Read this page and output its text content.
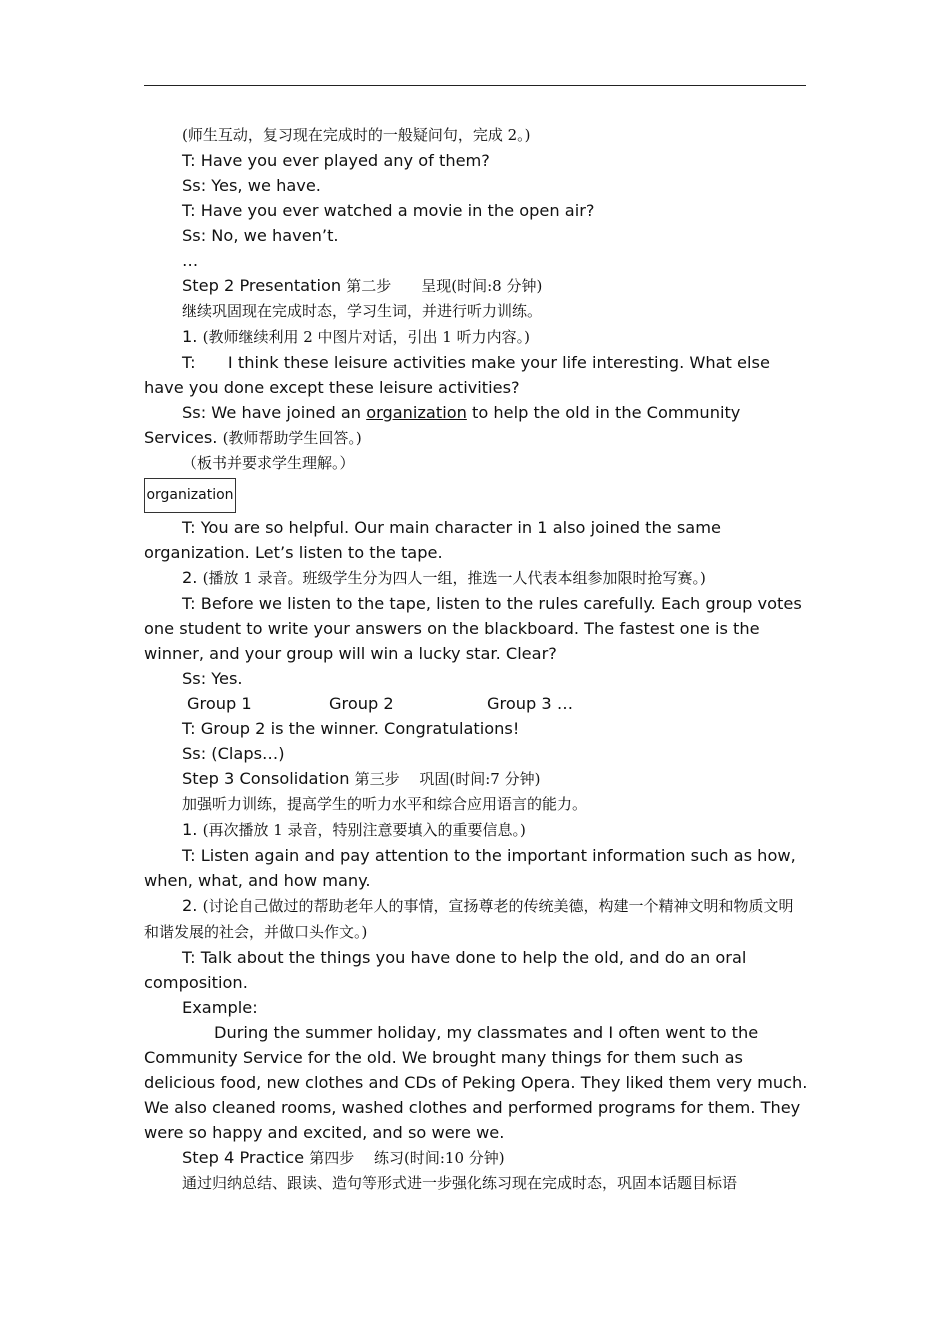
(师生互动，复习现在完成时的一般疑问句，完成 2。)

T: Have you ever played any of them?

Ss: Yes, we have.

T: Have you ever watched a movie in the open air?

Ss: No, we haven’t.

…

Step 2 Presentation 第二步　　呈现(时间:8 分钟)

继续巩固现在完成时态，学习生词，并进行听力训练。

1. (教师继续利用 2 中图片对话，引出 1 听力内容。)

T:　　I think these leisure activities make your life interesting. What else have you done except these leisure activities?

Ss: We have joined an organization to help the old in the Community Services. (教师帮助学生回答。)

（板书并要求学生理解。）

organization

T: You are so helpful. Our main character in 1 also joined the same organization. Let’s listen to the tape.

2. (播放 1 录音。班级学生分为四人一组，推选一人代表本组参加限时抢写赛。)

T: Before we listen to the tape, listen to the rules carefully. Each group votes one student to write your answers on the blackboard. The fastest one is the winner, and your group will win a lucky star. Clear?

Ss: Yes.

Group 1	Group 2	Group 3 …

T: Group 2 is the winner. Congratulations!

Ss: (Claps…)

Step 3 Consolidation 第三步　 巩固(时间:7 分钟)

加强听力训练，提高学生的听力水平和综合应用语言的能力。

1. (再次播放 1 录音，特别注意要填入的重要信息。)

T: Listen again and pay attention to the important information such as how, when, what, and how many.

2. (讨论自己做过的帮助老年人的事情，宣扬尊老的传统美德，构建一个精神文明和物质文明和谐发展的社会，并做口头作文。)

T: Talk about the things you have done to help the old, and do an oral composition.

Example:

During the summer holiday, my classmates and I often went to the Community Service for the old. We brought many things for them such as delicious food, new clothes and CDs of Peking Opera. They liked them very much. We also cleaned rooms, washed clothes and performed programs for them. They were so happy and excited, and so were we.

Step 4 Practice 第四步　 练习(时间:10 分钟)

通过归纳总结、跟读、造句等形式进一步强化练习现在完成时态，巩固本话题目标语
